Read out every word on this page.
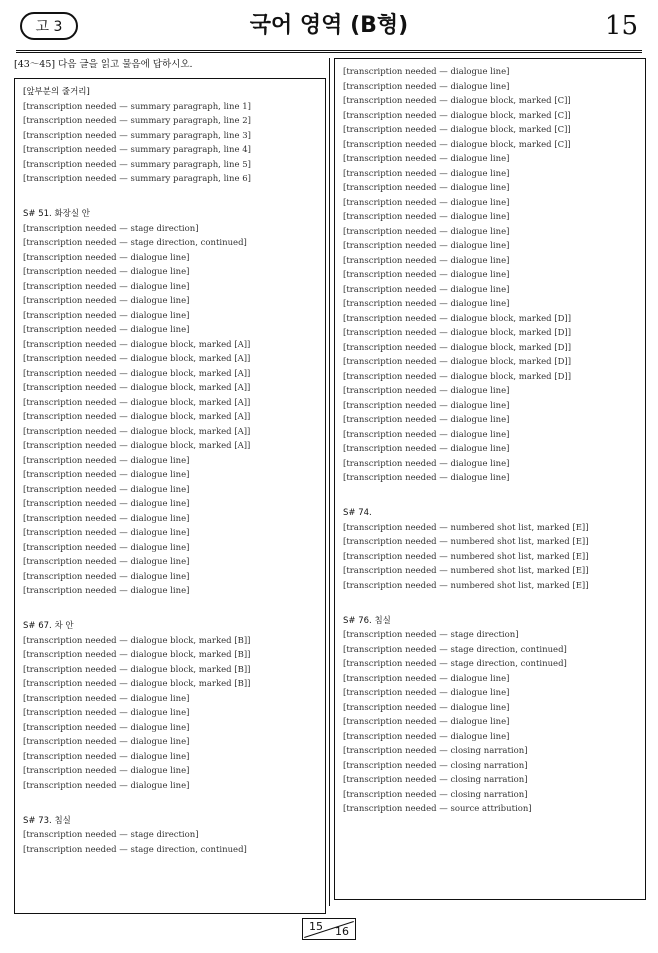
고 3	국어 영역 (B형)	15
[43～45] 다음 글을 읽고 물음에 답하시오.
[앞부분의 줄거리]
[transcription needed — summary paragraph, line 1]
[transcription needed — summary paragraph, line 2]
[transcription needed — summary paragraph, line 3]
[transcription needed — summary paragraph, line 4]
[transcription needed — summary paragraph, line 5]
[transcription needed — summary paragraph, line 6]
S# 51. 화장실 안
[transcription needed — stage direction]
[transcription needed — stage direction, continued]
[transcription needed — dialogue line]
[transcription needed — dialogue line]
[transcription needed — dialogue line]
[transcription needed — dialogue line]
[transcription needed — dialogue line]
[transcription needed — dialogue line]
[transcription needed — dialogue block, marked [A]]
[transcription needed — dialogue block, marked [A]]
[transcription needed — dialogue block, marked [A]]
[transcription needed — dialogue block, marked [A]]
[transcription needed — dialogue block, marked [A]]
[transcription needed — dialogue block, marked [A]]
[transcription needed — dialogue block, marked [A]]
[transcription needed — dialogue block, marked [A]]
[transcription needed — dialogue line]
[transcription needed — dialogue line]
[transcription needed — dialogue line]
[transcription needed — dialogue line]
[transcription needed — dialogue line]
[transcription needed — dialogue line]
[transcription needed — dialogue line]
[transcription needed — dialogue line]
[transcription needed — dialogue line]
[transcription needed — dialogue line]
S# 67. 차 안
[transcription needed — dialogue block, marked [B]]
[transcription needed — dialogue block, marked [B]]
[transcription needed — dialogue block, marked [B]]
[transcription needed — dialogue block, marked [B]]
[transcription needed — dialogue line]
[transcription needed — dialogue line]
[transcription needed — dialogue line]
[transcription needed — dialogue line]
[transcription needed — dialogue line]
[transcription needed — dialogue line]
[transcription needed — dialogue line]
S# 73. 침실
[transcription needed — stage direction]
[transcription needed — stage direction, continued]
[transcription needed — dialogue line]
[transcription needed — dialogue line]
[transcription needed — dialogue block, marked [C]]
[transcription needed — dialogue block, marked [C]]
[transcription needed — dialogue block, marked [C]]
[transcription needed — dialogue block, marked [C]]
[transcription needed — dialogue line]
[transcription needed — dialogue line]
[transcription needed — dialogue line]
[transcription needed — dialogue line]
[transcription needed — dialogue line]
[transcription needed — dialogue line]
[transcription needed — dialogue line]
[transcription needed — dialogue line]
[transcription needed — dialogue line]
[transcription needed — dialogue line]
[transcription needed — dialogue line]
[transcription needed — dialogue block, marked [D]]
[transcription needed — dialogue block, marked [D]]
[transcription needed — dialogue block, marked [D]]
[transcription needed — dialogue block, marked [D]]
[transcription needed — dialogue block, marked [D]]
[transcription needed — dialogue line]
[transcription needed — dialogue line]
[transcription needed — dialogue line]
[transcription needed — dialogue line]
[transcription needed — dialogue line]
[transcription needed — dialogue line]
[transcription needed — dialogue line]
S# 74.
[transcription needed — numbered shot list, marked [E]]
[transcription needed — numbered shot list, marked [E]]
[transcription needed — numbered shot list, marked [E]]
[transcription needed — numbered shot list, marked [E]]
[transcription needed — numbered shot list, marked [E]]
S# 76. 침실
[transcription needed — stage direction]
[transcription needed — stage direction, continued]
[transcription needed — stage direction, continued]
[transcription needed — dialogue line]
[transcription needed — dialogue line]
[transcription needed — dialogue line]
[transcription needed — dialogue line]
[transcription needed — dialogue line]
[transcription needed — closing narration]
[transcription needed — closing narration]
[transcription needed — closing narration]
[transcription needed — closing narration]
[transcription needed — source attribution]
15 16
